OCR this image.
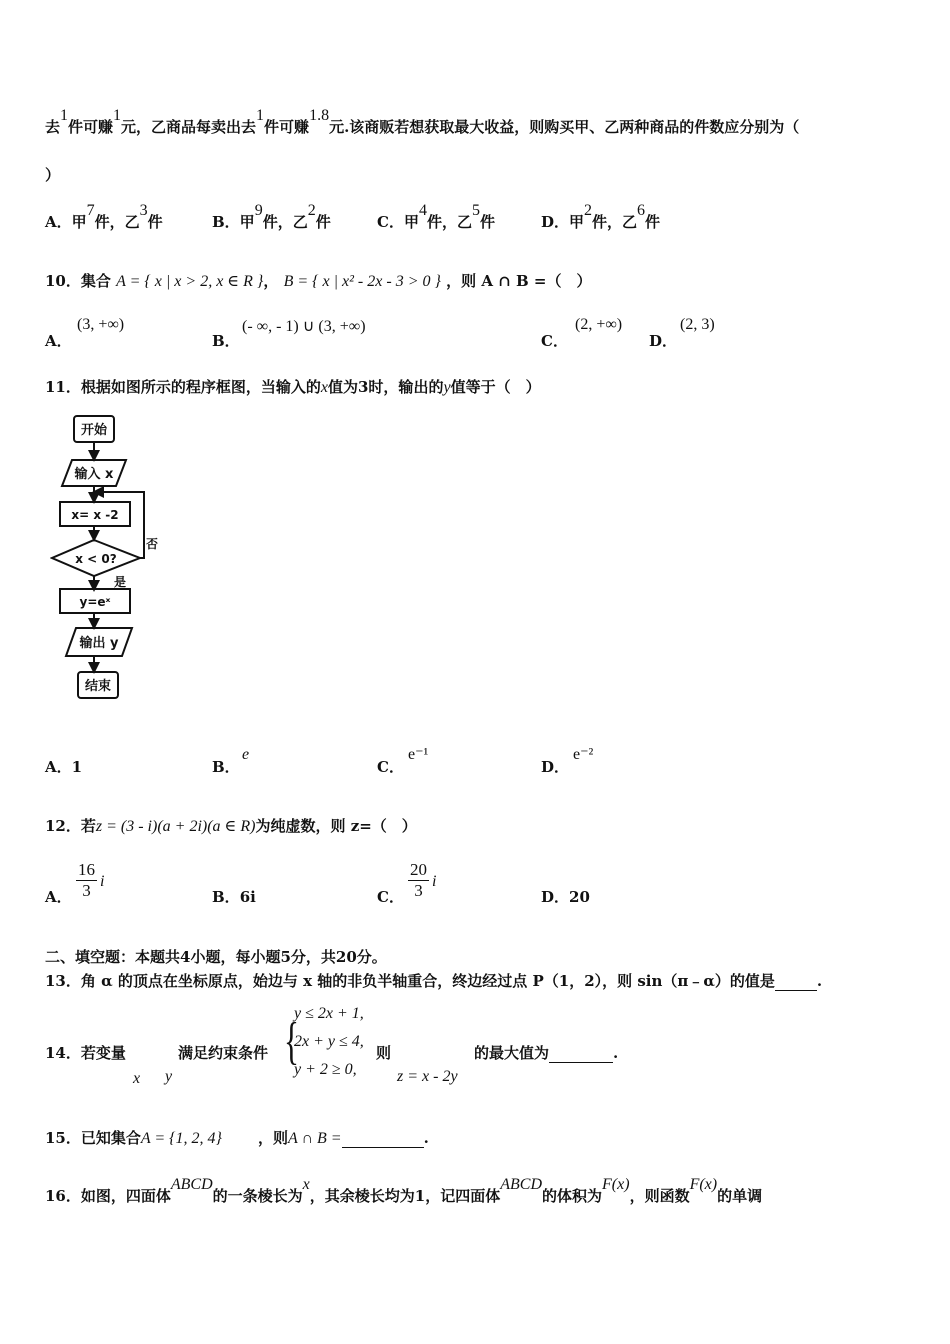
去1件可赚1元，乙商品每卖出去1件可赚1.8元.该商贩若想获取最大收益，则购买甲、乙两种商品的件数应分别为（
）
A．甲7件，乙3件	B．甲9件，乙2件	C．甲4件，乙5件	D．甲2件，乙6件
10．集合 A = { x | x > 2, x ∈ R }， B = { x | x² - 2x - 3 > 0 } ，则 A ∩ B =（　）
A．
(3, +∞)
B．
(- ∞, - 1) ∪ (3, +∞)
C．
(2, +∞)
D．
(2, 3)
11．根据如图所示的程序框图，当输入的x值为3时，输出的y值等于（　）
开始
输入 x
x= x -2
x < 0?
否
是
y=eˣ
输出 y
结束
A．1	B．
e
C．
e⁻¹
D．
e⁻²
12．若z = (3 - i)(a + 2i)(a ∈ R)为纯虚数，则 z=（　）
A． $\frac{16}{3}$ i
B．6i	C． $\frac{20}{3}$ i
D．20
二、填空题：本题共4小题，每小题5分，共20分。
13．角 α 的顶点在坐标原点，始边与 x 轴的非负半轴重合，终边经过点 P（1，2），则 sin（π﹣α）的值是	.
14．若变量
x y
满足约束条件 {
y ≤ 2x + 1,
2x + y ≤ 4,
y + 2 ≥ 0,
则
z = x - 2y
的最大值为	.
15．已知集合A = {1, 2, 4} ，则A ∩ B =	.
16．如图，四面体ABCD的一条棱长为x，其余棱长均为1，记四面体ABCD的体积为F(x)，则函数F(x)的单调
